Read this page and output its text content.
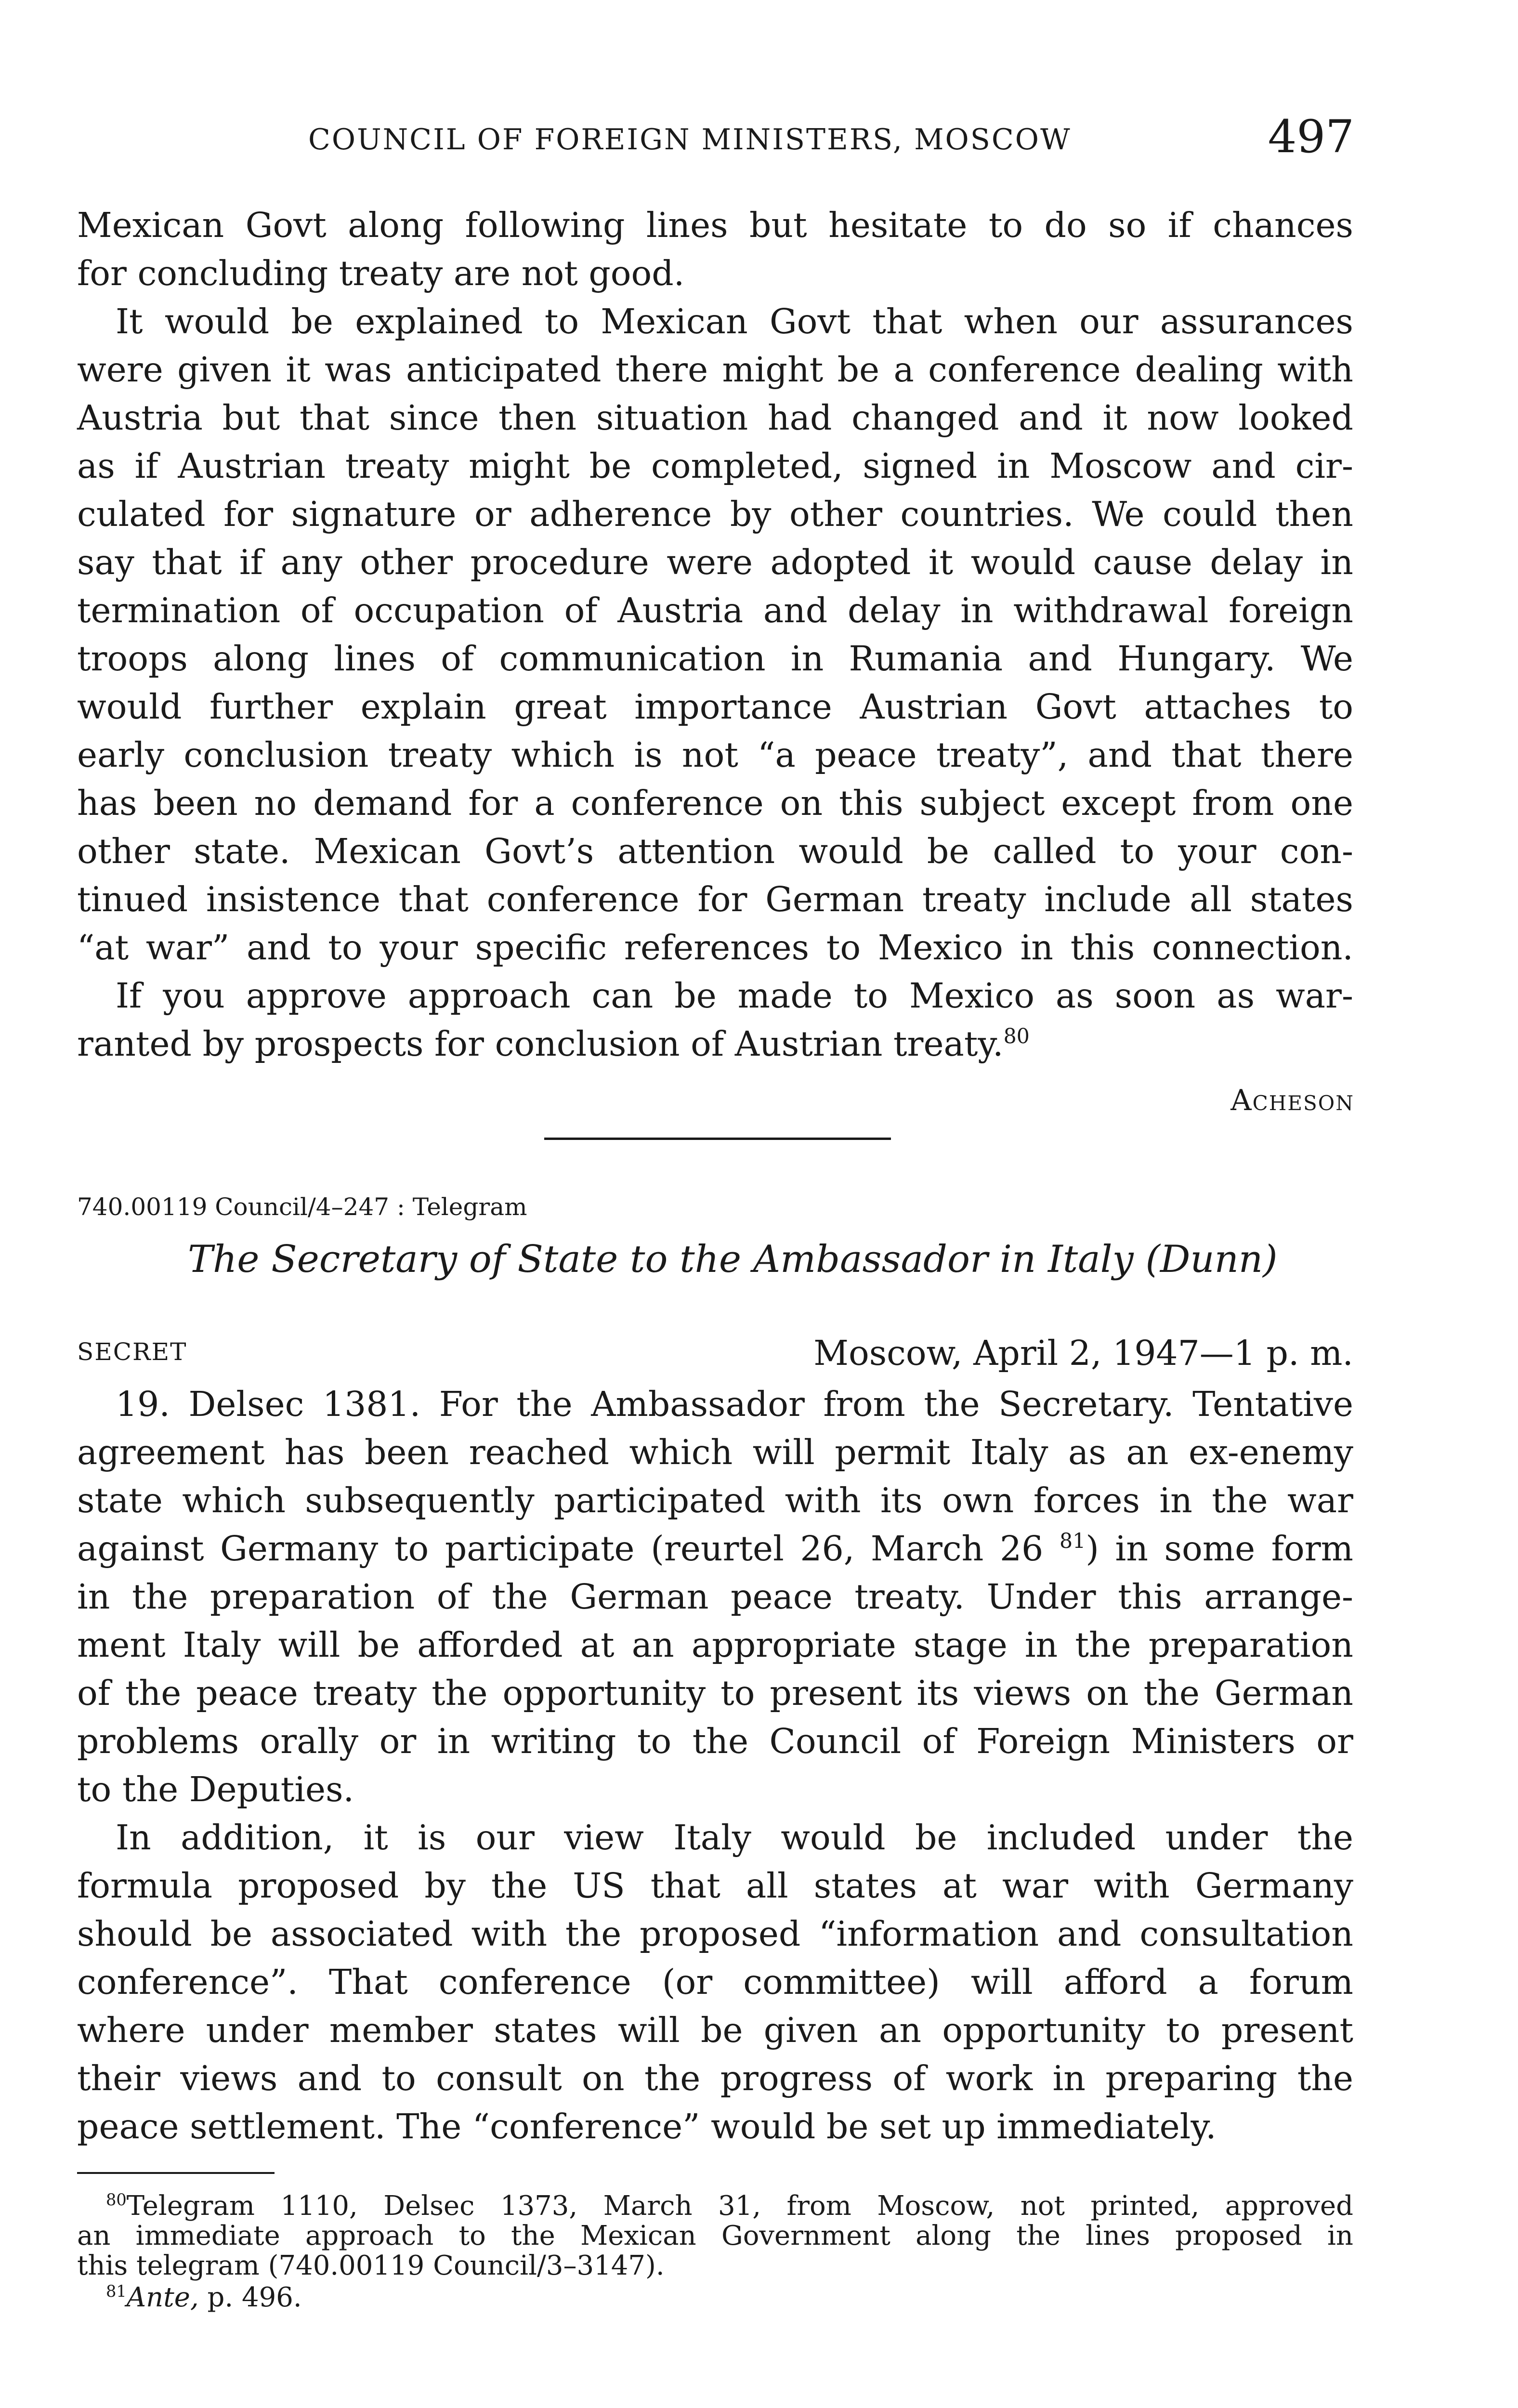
COUNCIL OF FOREIGN MINISTERS, MOSCOW	497
Mexican Govt along following lines but hesitate to do so if chances
for concluding treaty are not good.
It would be explained to Mexican Govt that when our assurances
were given it was anticipated there might be a conference dealing with
Austria but that since then situation had changed and it now looked
as if Austrian treaty might be completed, signed in Moscow and cir-
culated for signature or adherence by other countries. We could then
say that if any other procedure were adopted it would cause delay in
termination of occupation of Austria and delay in withdrawal foreign
troops along lines of communication in Rumania and Hungary. We
would further explain great importance Austrian Govt attaches to
early conclusion treaty which is not “a peace treaty”, and that there
has been no demand for a conference on this subject except from one
other state. Mexican Govt’s attention would be called to your con-
tinued insistence that conference for German treaty include all states
“at war” and to your specific references to Mexico in this connection.
If you approve approach can be made to Mexico as soon as war-
ranted by prospects for conclusion of Austrian treaty.$^{80}$
Acheson
740.00119 Council/4–247 : Telegram
The Secretary of State to the Ambassador in Italy (Dunn)
SECRET	Moscow, April 2, 1947—1 p. m.
19. Delsec 1381. For the Ambassador from the Secretary. Tentative
agreement has been reached which will permit Italy as an ex-enemy
state which subsequently participated with its own forces in the war
against Germany to participate (reurtel 26, March 26 $^{81}$) in some form
in the preparation of the German peace treaty. Under this arrange-
ment Italy will be afforded at an appropriate stage in the preparation
of the peace treaty the opportunity to present its views on the German
problems orally or in writing to the Council of Foreign Ministers or
to the Deputies.
In addition, it is our view Italy would be included under the
formula proposed by the US that all states at war with Germany
should be associated with the proposed “information and consultation
conference”. That conference (or committee) will afford a forum
where under member states will be given an opportunity to present
their views and to consult on the progress of work in preparing the
peace settlement. The “conference” would be set up immediately.
$^{80}$Telegram 1110, Delsec 1373, March 31, from Moscow, not printed, approved
an immediate approach to the Mexican Government along the lines proposed in
this telegram (740.00119 Council/3–3147).
$^{81}$Ante, p. 496.
